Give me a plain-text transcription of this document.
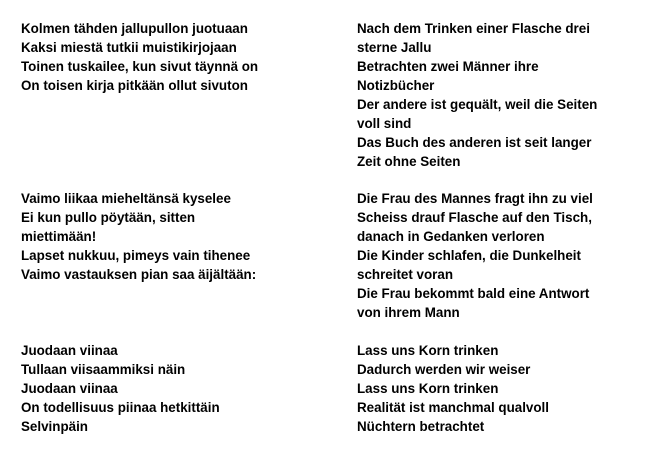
Kolmen tähden jallupullon juotuaan
Kaksi miestä tutkii muistikirjojaan
Toinen tuskailee, kun sivut täynnä on
On toisen kirja pitkään ollut sivuton
Vaimo liikaa mieheltänsä kyselee
Ei kun pullo pöytään, sitten
miettimään!
Lapset nukkuu, pimeys vain tihenee
Vaimo vastauksen pian saa äijältään:
Juodaan viinaa
Tullaan viisaammiksi näin
Juodaan viinaa
On todellisuus piinaa hetkittäin
Selvinpäin
Nach dem Trinken einer Flasche drei
sterne Jallu
Betrachten zwei Männer ihre
Notizbücher
Der andere ist gequält, weil die Seiten
voll sind
Das Buch des anderen ist seit langer
Zeit ohne Seiten
Die Frau des Mannes fragt ihn zu viel
Scheiss drauf Flasche auf den Tisch,
danach in Gedanken verloren
Die Kinder schlafen, die Dunkelheit
schreitet voran
Die Frau bekommt bald eine Antwort
von ihrem Mann
Lass uns Korn trinken
Dadurch werden wir weiser
Lass uns Korn trinken
Realität ist manchmal qualvoll
Nüchtern betrachtet
